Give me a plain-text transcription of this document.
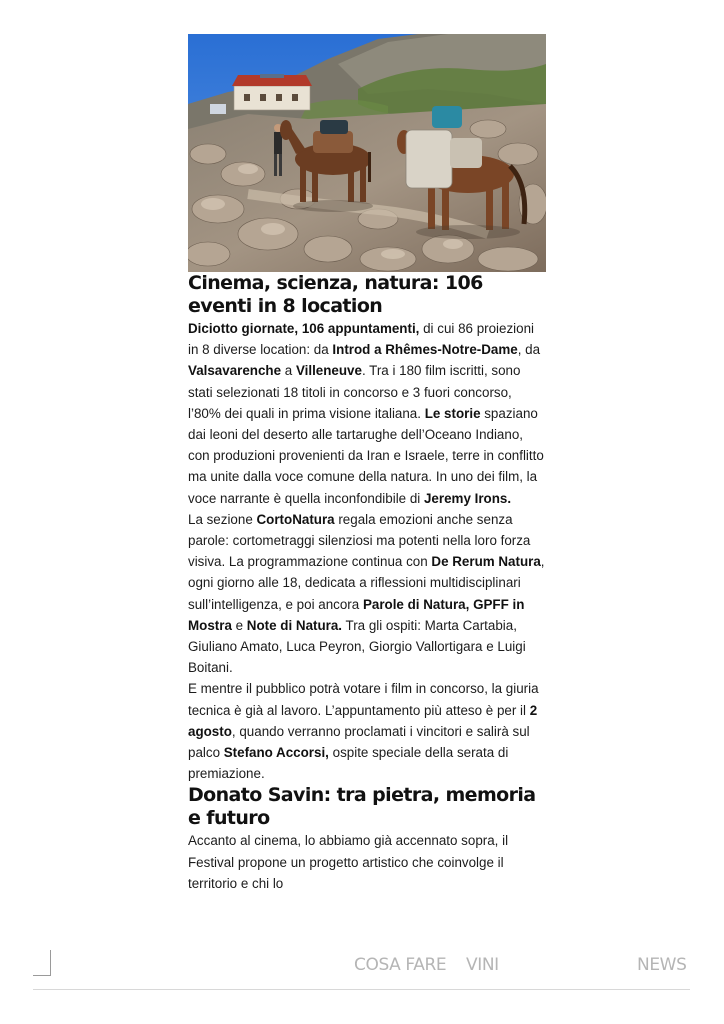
Cinema, scienza, natura: 106 eventi in 8 location

Diciotto giornate, 106 appuntamenti, di cui 86 proiezioni in 8 diverse location: da Introd a Rhêmes-Notre-Dame, da Valsavarenche a Villeneuve. Tra i 180 film iscritti, sono stati selezionati 18 titoli in concorso e 3 fuori concorso, l’80% dei quali in prima visione italiana. Le storie spaziano dai leoni del deserto alle tartarughe dell’Oceano Indiano, con produzioni provenienti da Iran e Israele, terre in conflitto ma unite dalla voce comune della natura. In uno dei film, la voce narrante è quella inconfondibile di Jeremy Irons.

La sezione CortoNatura regala emozioni anche senza parole: cortometraggi silenziosi ma potenti nella loro forza visiva. La programmazione continua con De Rerum Natura, ogni giorno alle 18, dedicata a riflessioni multidisciplinari sull’intelligenza, e poi ancora Parole di Natura, GPFF in Mostra e Note di Natura. Tra gli ospiti: Marta Cartabia, Giuliano Amato, Luca Peyron, Giorgio Vallortigara e Luigi Boitani.

E mentre il pubblico potrà votare i film in concorso, la giuria tecnica è già al lavoro. L’appuntamento più atteso è per il 2 agosto, quando verranno proclamati i vincitori e salirà sul palco Stefano Accorsi, ospite speciale della serata di premiazione.

Donato Savin: tra pietra, memoria e futuro

Accanto al cinema, lo abbiamo già accennato sopra, il Festival propone un progetto artistico che coinvolge il territorio e chi lo

COSA FARE VINI	NEWS
